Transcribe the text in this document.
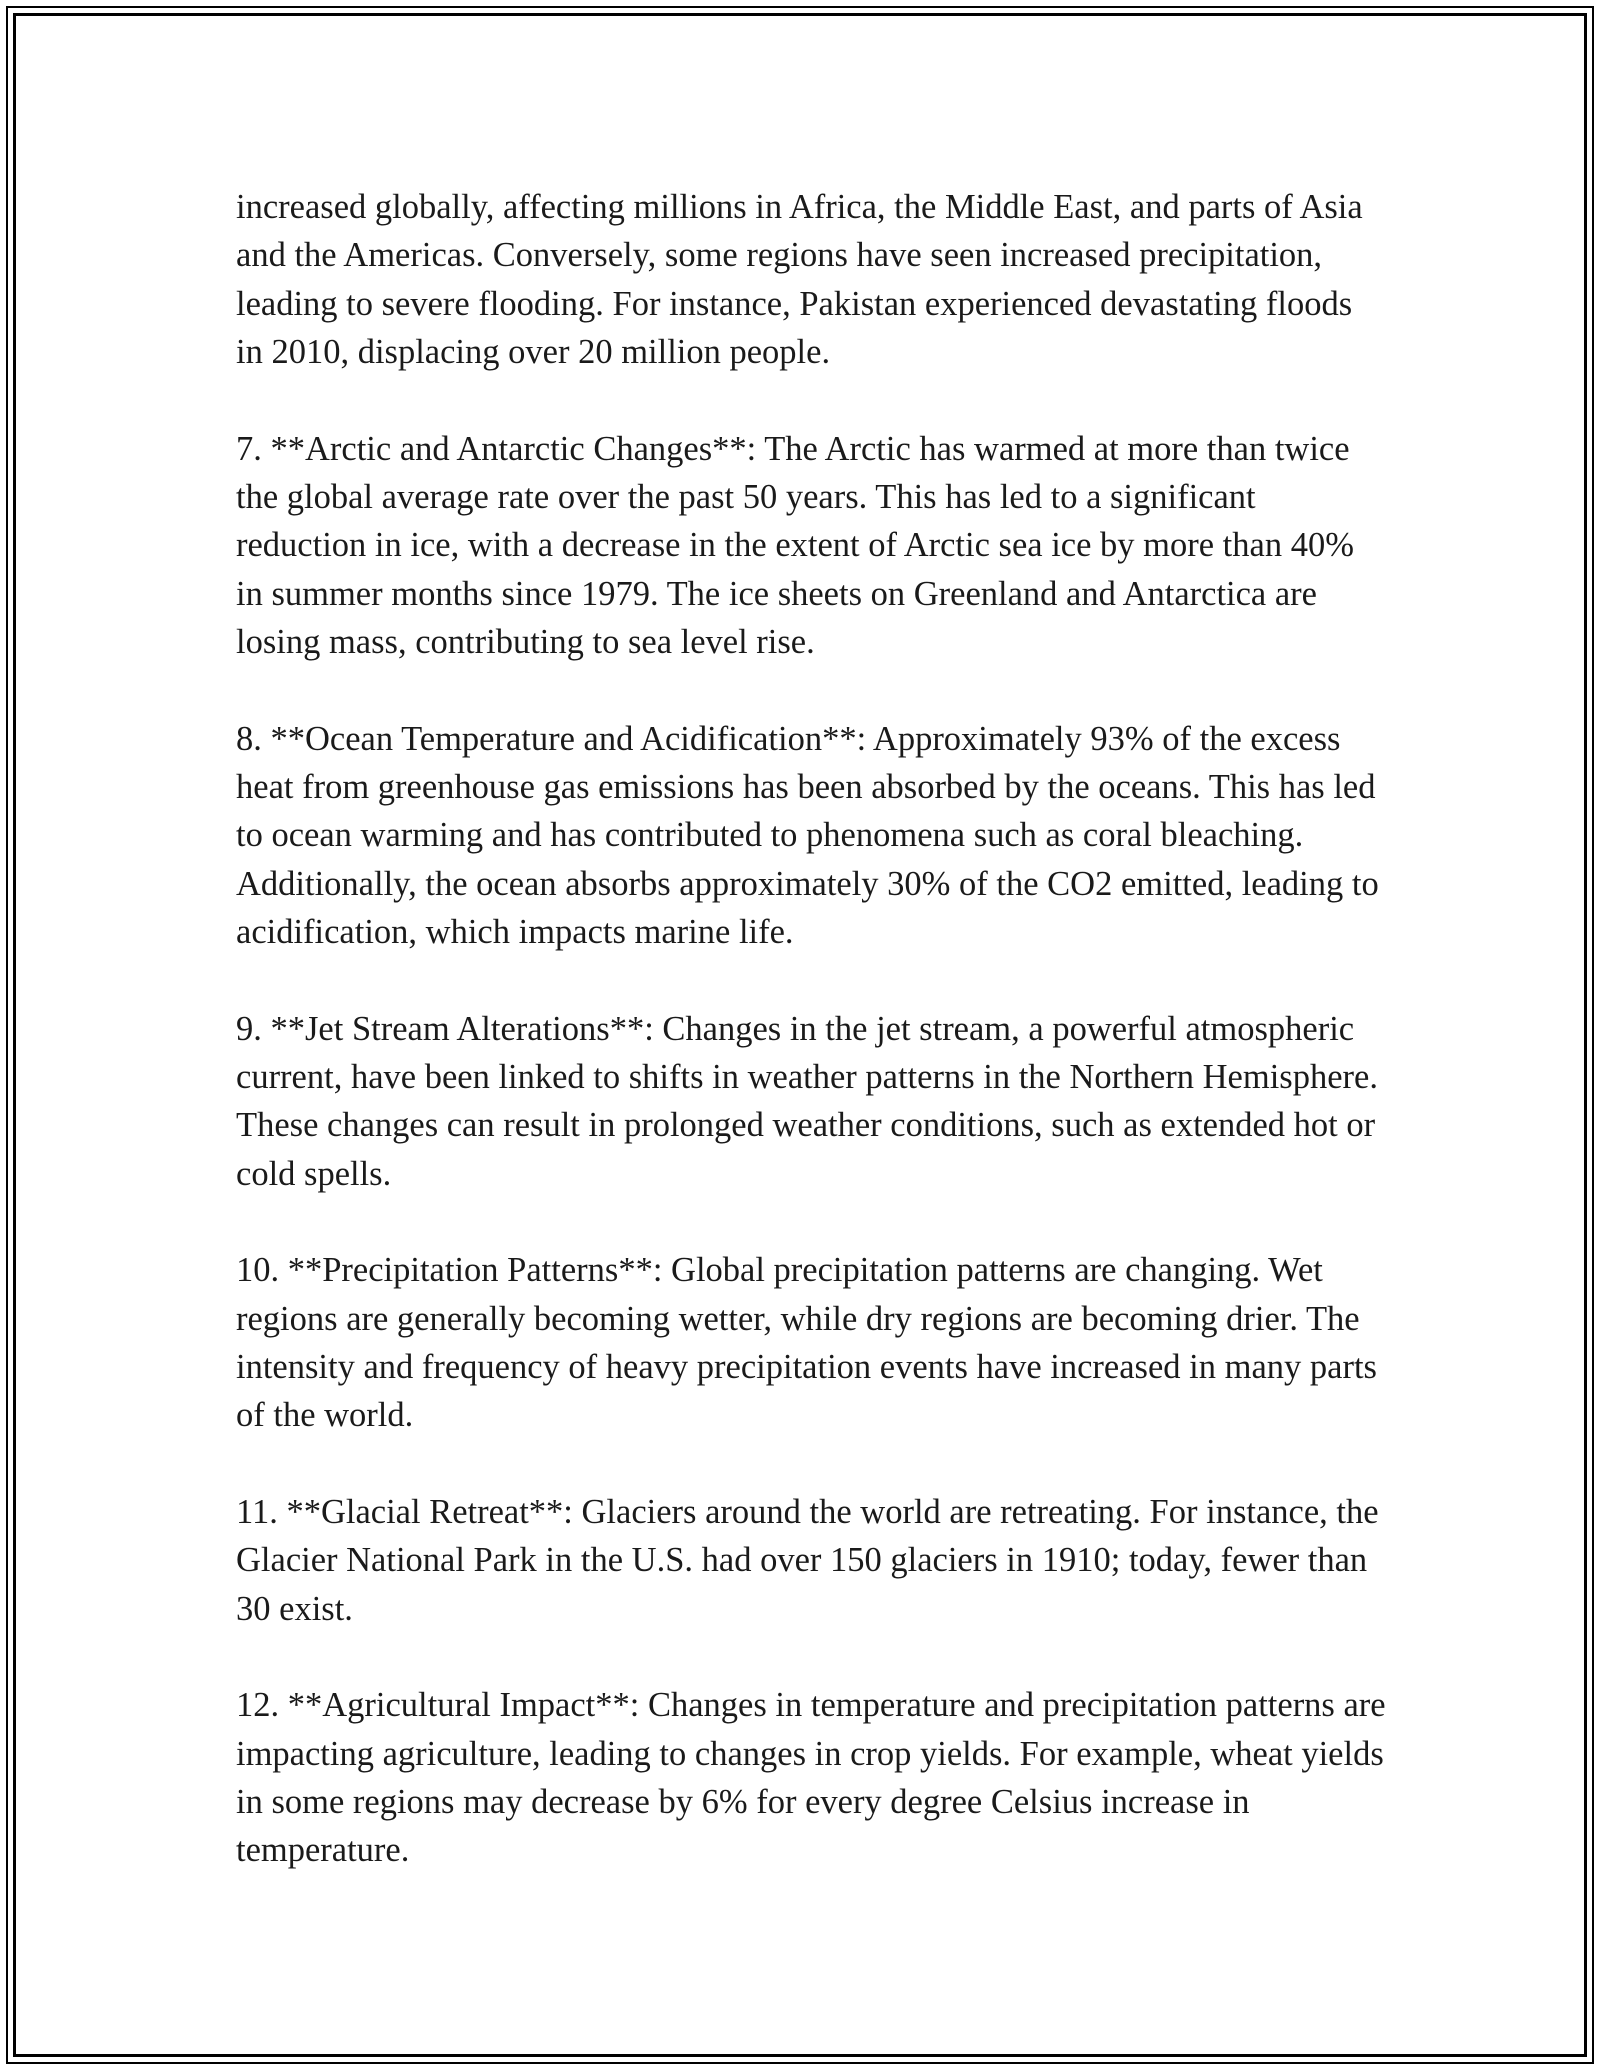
increased globally, affecting millions in Africa, the Middle East, and parts of Asia and the Americas. Conversely, some regions have seen increased precipitation, leading to severe flooding. For instance, Pakistan experienced devastating floods in 2010, displacing over 20 million people.

7. **Arctic and Antarctic Changes**: The Arctic has warmed at more than twice the global average rate over the past 50 years. This has led to a significant reduction in ice, with a decrease in the extent of Arctic sea ice by more than 40% in summer months since 1979. The ice sheets on Greenland and Antarctica are losing mass, contributing to sea level rise.

8. **Ocean Temperature and Acidification**: Approximately 93% of the excess heat from greenhouse gas emissions has been absorbed by the oceans. This has led to ocean warming and has contributed to phenomena such as coral bleaching. Additionally, the ocean absorbs approximately 30% of the CO2 emitted, leading to acidification, which impacts marine life.

9. **Jet Stream Alterations**: Changes in the jet stream, a powerful atmospheric current, have been linked to shifts in weather patterns in the Northern Hemisphere. These changes can result in prolonged weather conditions, such as extended hot or cold spells.

10. **Precipitation Patterns**: Global precipitation patterns are changing. Wet regions are generally becoming wetter, while dry regions are becoming drier. The intensity and frequency of heavy precipitation events have increased in many parts of the world.

11. **Glacial Retreat**: Glaciers around the world are retreating. For instance, the Glacier National Park in the U.S. had over 150 glaciers in 1910; today, fewer than 30 exist.

12. **Agricultural Impact**: Changes in temperature and precipitation patterns are impacting agriculture, leading to changes in crop yields. For example, wheat yields in some regions may decrease by 6% for every degree Celsius increase in temperature.
